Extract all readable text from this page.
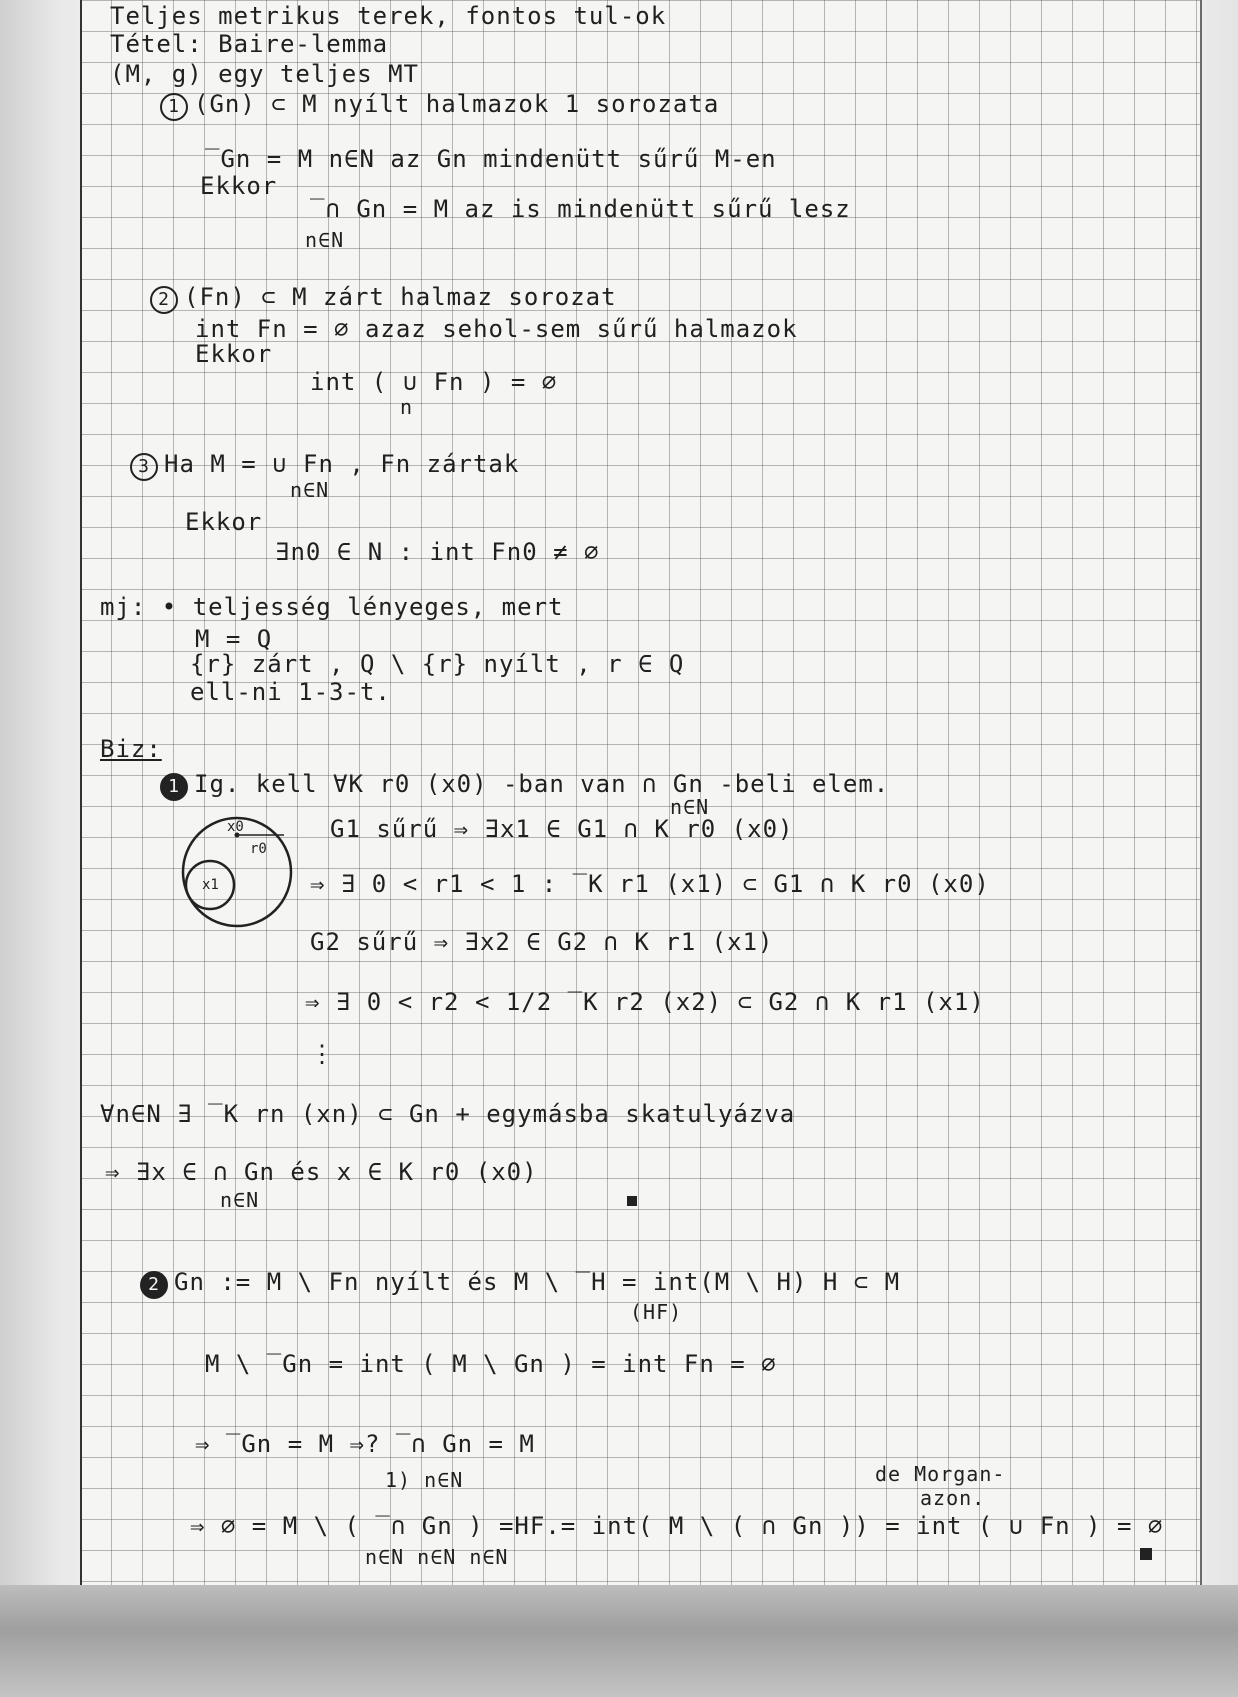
Teljes metrikus terek, fontos tul-ok
Tétel: Baire-lemma
(M, g) egy teljes MT
1 (Gn) ⊂ M nyílt halmazok 1 sorozata
‾Gn = M n∈N az Gn mindenütt sűrű M-en
Ekkor
‾∩ Gn = M az is mindenütt sűrű lesz
n∈N
2 (Fn) ⊂ M zárt halmaz sorozat
int Fn = ∅ azaz sehol-sem sűrű halmazok
Ekkor
int ( ∪ Fn ) = ∅
n
3 Ha M = ∪ Fn , Fn zártak
n∈N
Ekkor
∃n0 ∈ N : int Fn0 ≠ ∅
mj: • teljesség lényeges, mert
M = Q
{r} zárt , Q \ {r} nyílt , r ∈ Q
ell-ni 1-3-t.
Biz:
1 Ig. kell ∀K r0 (x0) -ban van ∩ Gn -beli elem.
n∈N
x0
r0
x1
G1 sűrű ⇒ ∃x1 ∈ G1 ∩ K r0 (x0)
⇒ ∃ 0 < r1 < 1 : ‾K r1 (x1) ⊂ G1 ∩ K r0 (x0)
G2 sűrű ⇒ ∃x2 ∈ G2 ∩ K r1 (x1)
⇒ ∃ 0 < r2 < 1/2 ‾K r2 (x2) ⊂ G2 ∩ K r1 (x1)
⋮
∀n∈N ∃ ‾K rn (xn) ⊂ Gn + egymásba skatulyázva
⇒ ∃x ∈ ∩ Gn és x ∈ K r0 (x0)
n∈N
2 Gn := M \ Fn nyílt és M \ ‾H = int(M \ H) H ⊂ M
(HF)
M \ ‾Gn = int ( M \ Gn ) = int Fn = ∅
⇒ ‾Gn = M ⇒? ‾∩ Gn = M
1) n∈N	de Morgan-
azon.
⇒ ∅ = M \ ( ‾∩ Gn ) =HF.= int( M \ ( ∩ Gn )) = int ( ∪ Fn ) = ∅
n∈N n∈N n∈N
